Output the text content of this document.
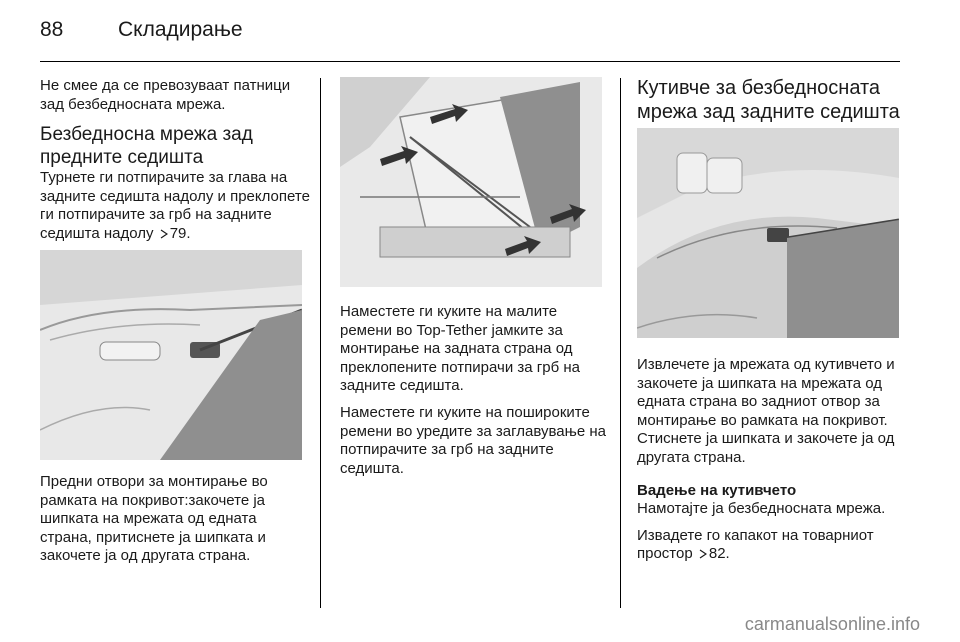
88	Складирање

Не смее да се превозуваат патници зад безбедносната мрежа.

Безбедносна мрежа зад предните седишта

Турнете ги потпирачите за глава на задните седишта надолу и преклопете ги потпирачите за грб на задните седишта надолу 79.

Предни отвори за монтирање во рамката на покривот:закочете ја шипката на мрежата од едната страна, притиснете ја шипката и закочете ја од другата страна.

Наместете ги куките на малите ремени во Top-Tether јамките за монтирање на задната страна од преклопените потпирачи за грб на задните седишта.

Наместете ги куките на пошироките ремени во уредите за заглавување на потпирачите за грб на задните седишта.

Кутивче за безбедносната мрежа зад задните седишта

Извлечете ја мрежата од кутивчето и закочете ја шипката на мрежата од едната страна во задниот отвор за монтирање во рамката на покривот. Стиснете ја шипката и закочете ја од другата страна.

Вадење на кутивчето

Намотајте ја безбедносната мрежа.

Извадете го капакот на товарниот простор 82.

carmanualsonline.info
